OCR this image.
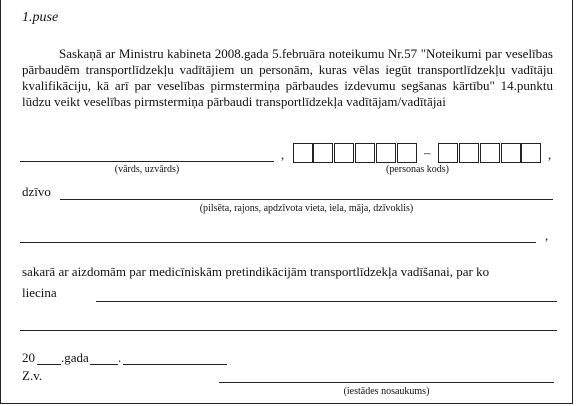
1.puse
Saskaņā ar Ministru kabineta 2008.gada 5.februāra noteikumu Nr.57 "Noteikumi par veselības pārbaudēm transportlīdzekļu vadītājiem un personām, kuras vēlas iegūt transportlīdzekļu vadītāju kvalifikāciju, kā arī par veselības pirmstermiņa pārbaudes izdevumu segšanas kārtību" 14.punktu lūdzu veikt veselības pirmstermiņa pārbaudi transportlīdzekļa vadītājam/vadītājai
,
(vārds, uzvārds)
–	,
(personas kods)
dzīvo
(pilsēta, rajons, apdzīvota vieta, iela, māja, dzīvoklis)
,
sakarā ar aizdomām par medicīniskām pretindikācijām transportlīdzekļa vadīšanai, par ko
liecina
20 .gada .
Z.v.
(iestādes nosaukums)
